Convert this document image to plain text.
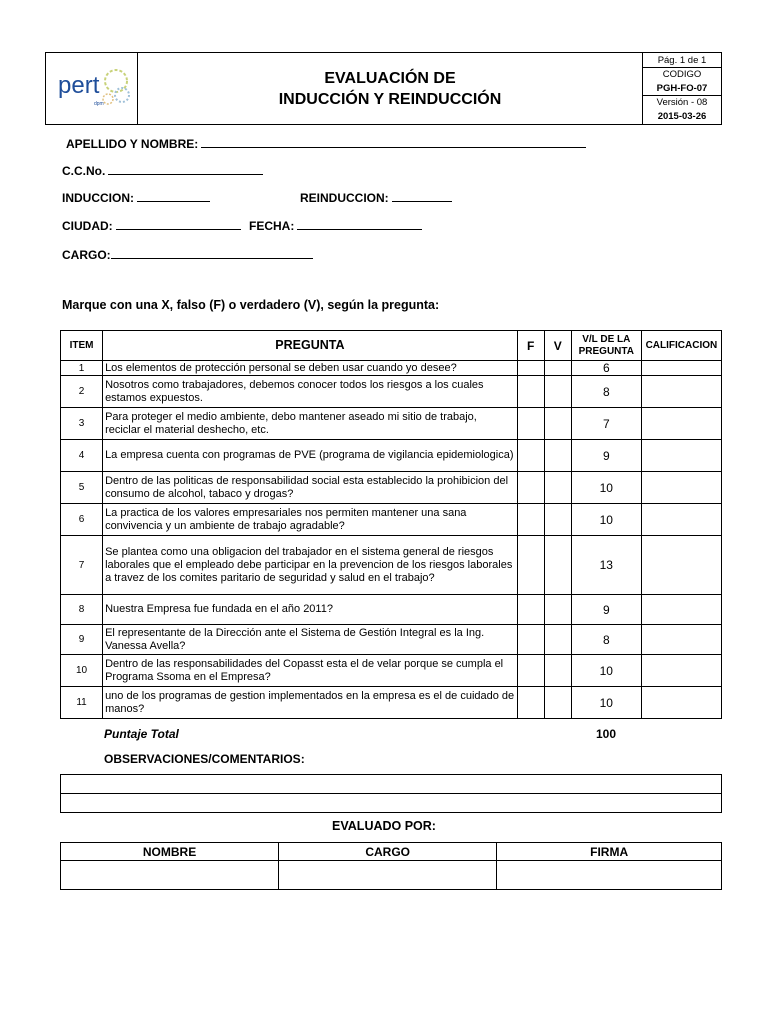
pert
dpm

EVALUACIÓN DE
INDUCCIÓN Y REINDUCCIÓN

Pág. 1 de 1
CODIGO
PGH-FO-07
Versión - 08
2015-03-26

APELLIDO Y NOMBRE:
C.C.No.
INDUCCION:	REINDUCCION:
CIUDAD:	FECHA:
CARGO:
Marque con una X, falso (F) o verdadero (V), según la pregunta:
ITEM	PREGUNTA	F	V	V/L DE LA PREGUNTA	CALIFICACION
1	Los elementos de protección personal se deben usar cuando yo desee?			6	
2	Nosotros como trabajadores, debemos conocer todos los riesgos a los cuales estamos expuestos.			8	
3	Para proteger el medio ambiente, debo mantener aseado mi sitio de trabajo, reciclar el material deshecho, etc.			7	
4	La empresa cuenta con programas de PVE (programa de vigilancia epidemiologica)			9	
5	Dentro de las politicas de responsabilidad social esta establecido la prohibicion del consumo de alcohol, tabaco y drogas?			10	
6	La practica de los valores empresariales nos permiten mantener una sana convivencia y un ambiente de trabajo agradable?			10	
7	Se plantea como una obligacion del trabajador en el sistema general de riesgos laborales que el empleado debe participar en la prevencion de los riesgos laborales a travez de los comites paritario de seguridad y salud en el trabajo?			13	
8	Nuestra Empresa fue fundada en el año 2011?			9	
9	El representante de la Dirección ante el Sistema de Gestión Integral es la Ing. Vanessa Avella?			8	
10	Dentro de las responsabilidades del Copasst esta el de velar porque se cumpla el Programa Ssoma en el Empresa?			10	
11	uno de los programas de gestion implementados en la empresa es el de cuidado de manos?			10	
Puntaje Total	100
OBSERVACIONES/COMENTARIOS:

EVALUADO POR:
NOMBRE	CARGO	FIRMA
